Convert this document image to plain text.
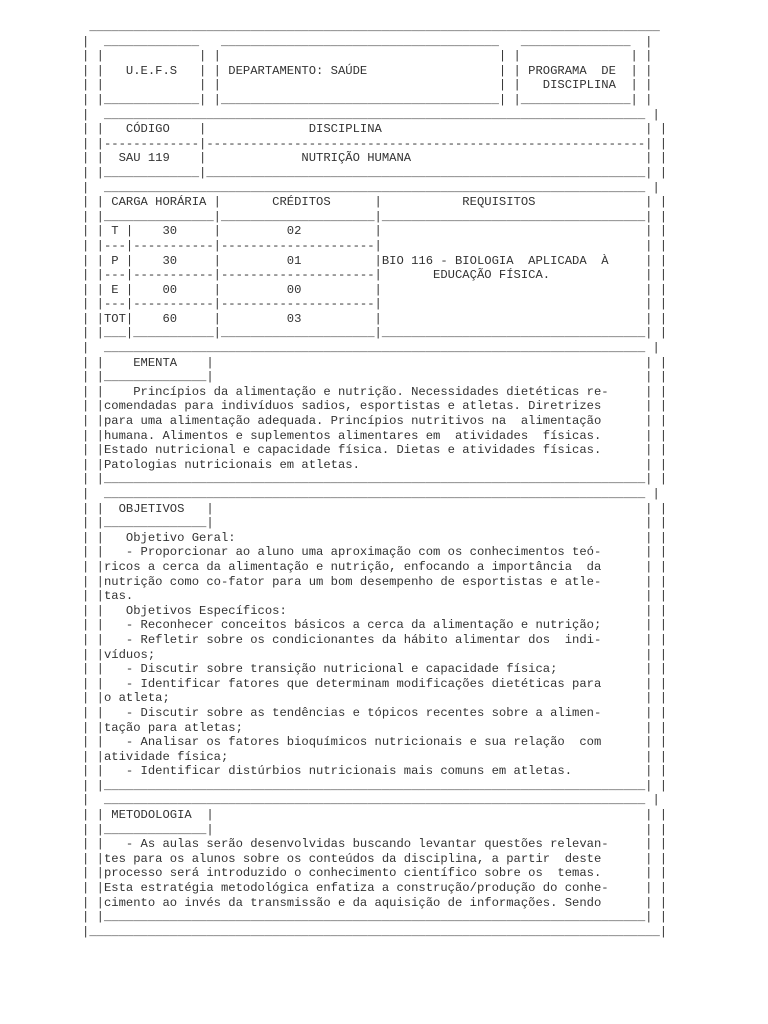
______________________________________________________________________________
|  _____________   ______________________________________   _______________  |
| |             | |                                      | |               | |
| |   U.E.F.S   | | DEPARTAMENTO: SAÚDE                  | | PROGRAMA  DE  | |
| |             | |                                      | |   DISCIPLINA  | |
| |_____________| |______________________________________| |_______________| |
|  __________________________________________________________________________ |
| |   CÓDIGO    |              DISCIPLINA                                    | |
| |-------------|------------------------------------------------------------| |
| |  SAU 119    |             NUTRIÇÃO HUMANA                                | |
| |_____________|____________________________________________________________| |
|  __________________________________________________________________________ |
| | CARGA HORÁRIA |       CRÉDITOS      |           REQUISITOS               | |
| |_______________|_____________________|____________________________________| |
| | T |    30     |         02          |                                    | |
| |---|-----------|---------------------|                                    | |
| | P |    30     |         01          |BIO 116 - BIOLOGIA  APLICADA  À     | |
| |---|-----------|---------------------|       EDUCAÇÃO FÍSICA.             | |
| | E |    00     |         00          |                                    | |
| |---|-----------|---------------------|                                    | |
| |TOT|    60     |         03          |                                    | |
| |___|___________|_____________________|____________________________________| |
|  __________________________________________________________________________ |
| |    EMENTA    |                                                           | |
| |______________|                                                           | |
| |    Princípios da alimentação e nutrição. Necessidades dietéticas re-     | |
| |comendadas para indivíduos sadios, esportistas e atletas. Diretrizes      | |
| |para uma alimentação adequada. Princípios nutritivos na  alimentação      | |
| |humana. Alimentos e suplementos alimentares em  atividades  físicas.      | |
| |Estado nutricional e capacidade física. Dietas e atividades físicas.      | |
| |Patologias nutricionais em atletas.                                       | |
| |__________________________________________________________________________| |
|  __________________________________________________________________________ |
| |  OBJETIVOS   |                                                           | |
| |______________|                                                           | |
| |   Objetivo Geral:                                                        | |
| |   - Proporcionar ao aluno uma aproximação com os conhecimentos teó-      | |
| |ricos a cerca da alimentação e nutrição, enfocando a importância  da      | |
| |nutrição como co-fator para um bom desempenho de esportistas e atle-      | |
| |tas.                                                                      | |
| |   Objetivos Específicos:                                                 | |
| |   - Reconhecer conceitos básicos a cerca da alimentação e nutrição;      | |
| |   - Refletir sobre os condicionantes da hábito alimentar dos  indi-      | |
| |víduos;                                                                   | |
| |   - Discutir sobre transição nutricional e capacidade física;            | |
| |   - Identificar fatores que determinam modificações dietéticas para      | |
| |o atleta;                                                                 | |
| |   - Discutir sobre as tendências e tópicos recentes sobre a alimen-      | |
| |tação para atletas;                                                       | |
| |   - Analisar os fatores bioquímicos nutricionais e sua relação  com      | |
| |atividade física;                                                         | |
| |   - Identificar distúrbios nutricionais mais comuns em atletas.          | |
| |__________________________________________________________________________| |
|  __________________________________________________________________________ |
| | METODOLOGIA  |                                                           | |
| |______________|                                                           | |
| |   - As aulas serão desenvolvidas buscando levantar questões relevan-     | |
| |tes para os alunos sobre os conteúdos da disciplina, a partir  deste      | |
| |processo será introduzido o conhecimento científico sobre os  temas.      | |
| |Esta estratégia metodológica enfatiza a construção/produção do conhe-     | |
| |cimento ao invés da transmissão e da aquisição de informações. Sendo      | |
| |__________________________________________________________________________| |
|______________________________________________________________________________|
